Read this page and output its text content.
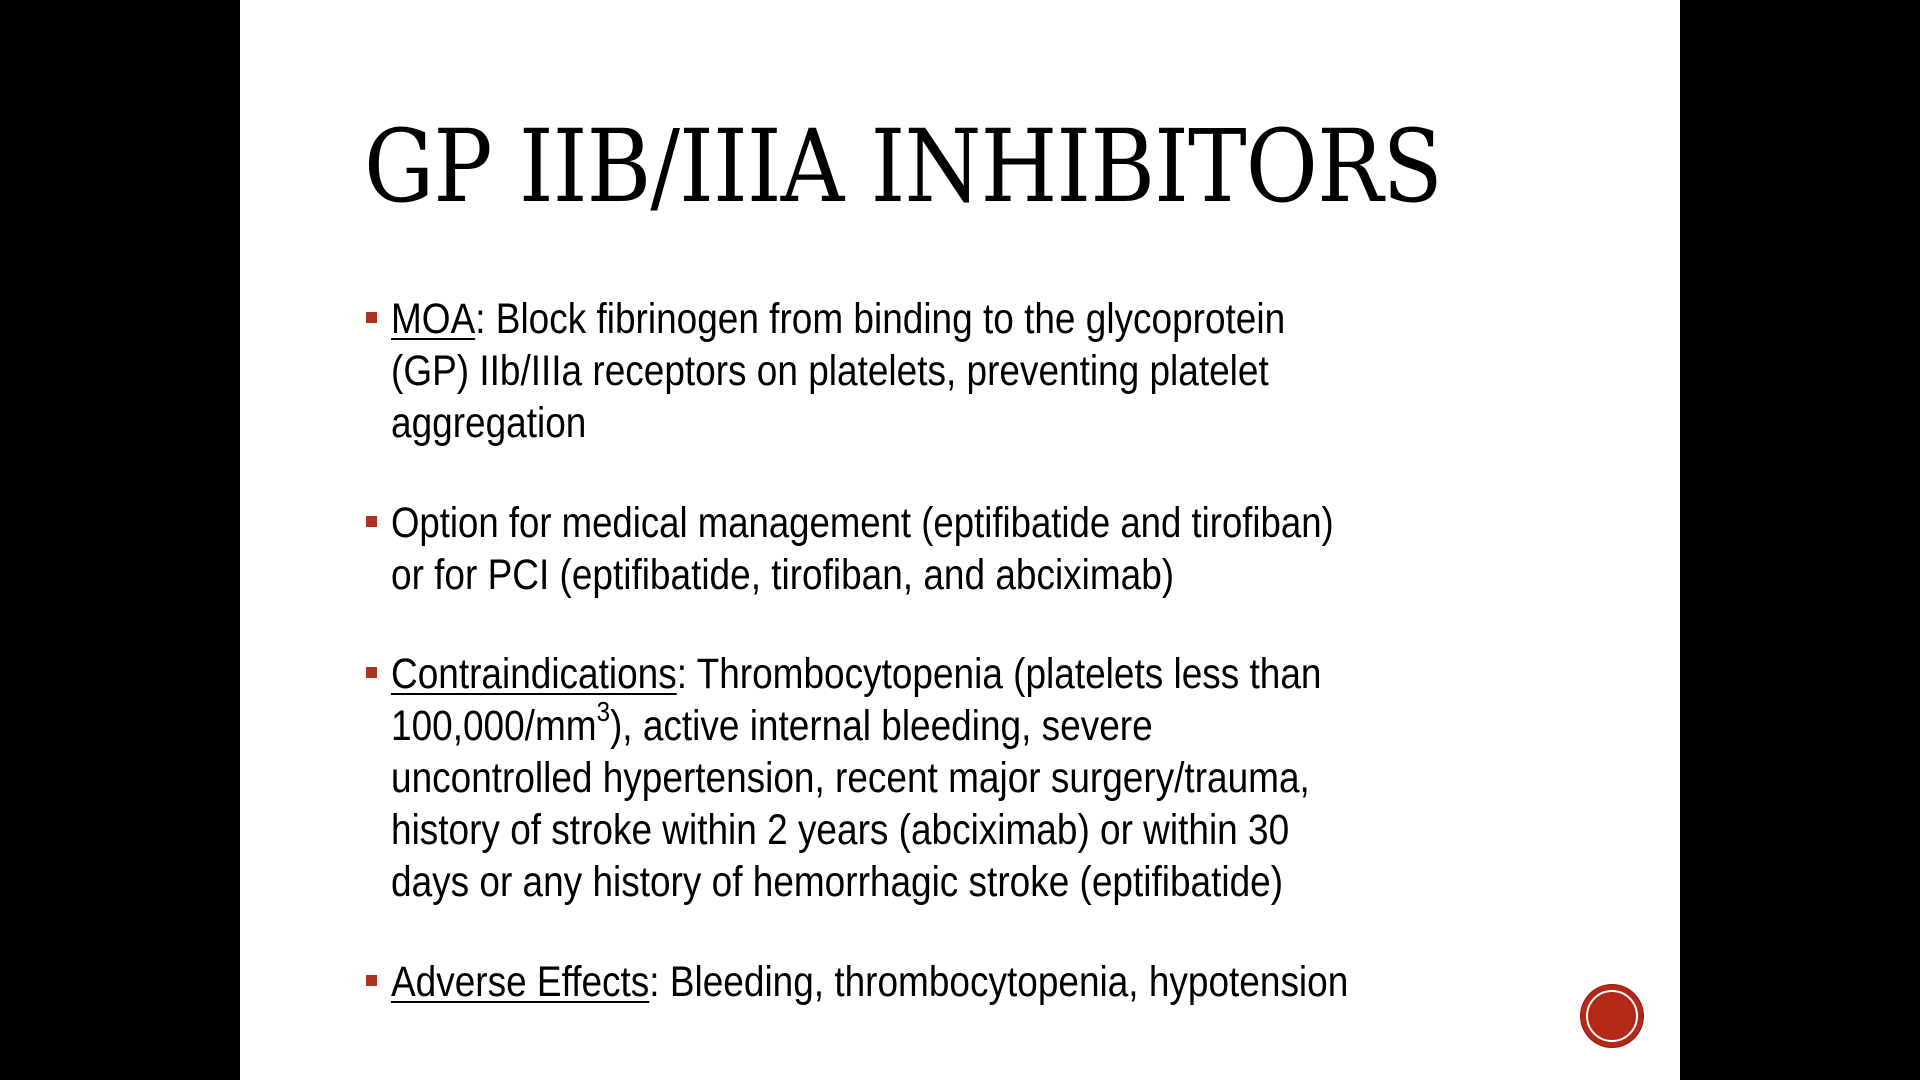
GP IIB/IIIA INHIBITORS
MOA: Block fibrinogen from binding to the glycoprotein
(GP) IIb/IIIa receptors on platelets, preventing platelet
aggregation
Option for medical management (eptifibatide and tirofiban)
or for PCI (eptifibatide, tirofiban, and abciximab)
Contraindications: Thrombocytopenia (platelets less than
$100,000/mm^3$), active internal bleeding, severe
uncontrolled hypertension, recent major surgery/trauma,
history of stroke within 2 years (abciximab) or within 30
days or any history of hemorrhagic stroke (eptifibatide)
Adverse Effects: Bleeding, thrombocytopenia, hypotension
